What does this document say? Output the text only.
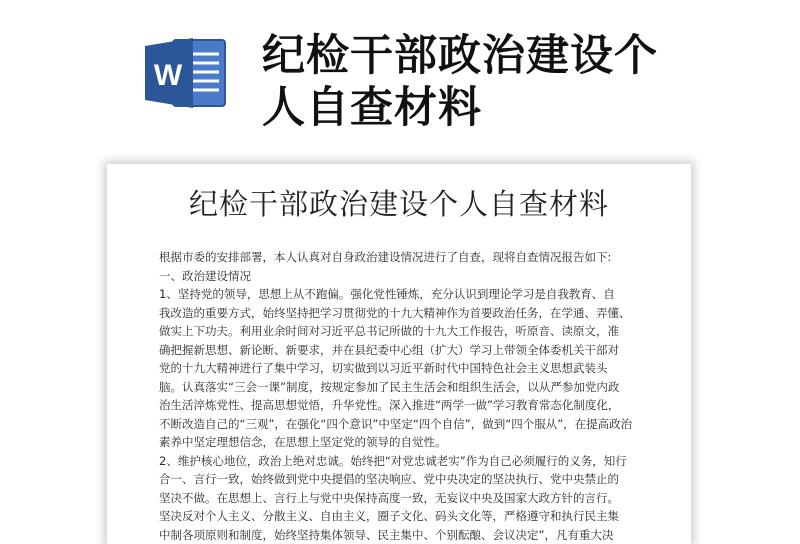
W 纪检干部政治建设个
人自查材料
纪检干部政治建设个人自查材料

根据市委的安排部署，本人认真对自身政治建设情况进行了自查，现将自查情况报告如下:

一、政治建设情况

1、坚持党的领导，思想上从不跑偏。强化党性锤炼，充分认识到理论学习是自我教育、自

我改造的重要方式，始终坚持把学习贯彻党的十九大精神作为首要政治任务，在学通、弄懂、

做实上下功夫。利用业余时间对习近平总书记所做的十九大工作报告，听原音、读原文，准

确把握新思想、新论断、新要求，并在县纪委中心组（扩大）学习上带领全体委机关干部对

党的十九大精神进行了集中学习，切实做到以习近平新时代中国特色社会主义思想武装头

脑。认真落实“三会一课”制度，按规定参加了民主生活会和组织生活会，以从严参加党内政

治生活淬炼党性、提高思想觉悟，升华党性。深入推进“两学一做”学习教育常态化制度化，

不断改造自己的“三观”，在强化“四个意识”中坚定“四个自信”，做到“四个服从”，在提高政治

素养中坚定理想信念，在思想上坚定党的领导的自觉性。

2、维护核心地位，政治上绝对忠诚。始终把“对党忠诚老实”作为自己必须履行的义务，知行

合一、言行一致，始终做到党中央提倡的坚决响应、党中央决定的坚决执行、党中央禁止的

坚决不做。在思想上、言行上与党中央保持高度一致，无妄议中央及国家大政方针的言行。

坚决反对个人主义、分散主义、自由主义，圈子文化、码头文化等，严格遵守和执行民主集

中制各项原则和制度，始终坚持集体领导、民主集中、个别酝酿、会议决定”，凡有重大决
